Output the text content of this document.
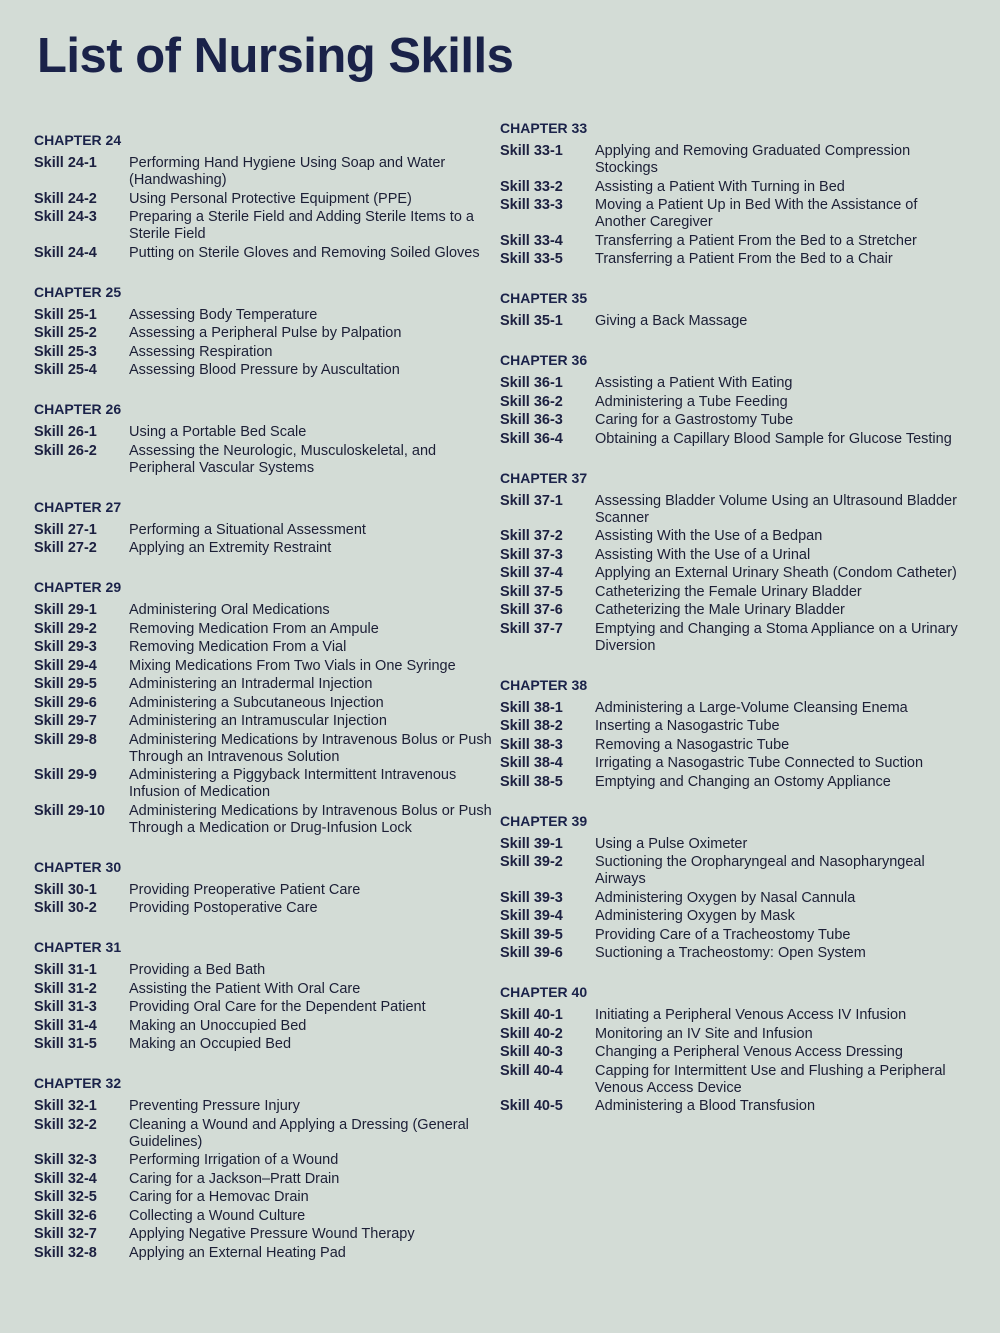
List of Nursing Skills
CHAPTER 24
Skill 24-1	Performing Hand Hygiene Using Soap and Water (Handwashing)
Skill 24-2	Using Personal Protective Equipment (PPE)
Skill 24-3	Preparing a Sterile Field and Adding Sterile Items to a Sterile Field
Skill 24-4	Putting on Sterile Gloves and Removing Soiled Gloves
CHAPTER 25
Skill 25-1	Assessing Body Temperature
Skill 25-2	Assessing a Peripheral Pulse by Palpation
Skill 25-3	Assessing Respiration
Skill 25-4	Assessing Blood Pressure by Auscultation
CHAPTER 26
Skill 26-1	Using a Portable Bed Scale
Skill 26-2	Assessing the Neurologic, Musculoskeletal, and Peripheral Vascular Systems
CHAPTER 27
Skill 27-1	Performing a Situational Assessment
Skill 27-2	Applying an Extremity Restraint
CHAPTER 29
Skill 29-1	Administering Oral Medications
Skill 29-2	Removing Medication From an Ampule
Skill 29-3	Removing Medication From a Vial
Skill 29-4	Mixing Medications From Two Vials in One Syringe
Skill 29-5	Administering an Intradermal Injection
Skill 29-6	Administering a Subcutaneous Injection
Skill 29-7	Administering an Intramuscular Injection
Skill 29-8	Administering Medications by Intravenous Bolus or Push Through an Intravenous Solution
Skill 29-9	Administering a Piggyback Intermittent Intravenous Infusion of Medication
Skill 29-10	Administering Medications by Intravenous Bolus or Push Through a Medication or Drug-Infusion Lock
CHAPTER 30
Skill 30-1	Providing Preoperative Patient Care
Skill 30-2	Providing Postoperative Care
CHAPTER 31
Skill 31-1	Providing a Bed Bath
Skill 31-2	Assisting the Patient With Oral Care
Skill 31-3	Providing Oral Care for the Dependent Patient
Skill 31-4	Making an Unoccupied Bed
Skill 31-5	Making an Occupied Bed
CHAPTER 32
Skill 32-1	Preventing Pressure Injury
Skill 32-2	Cleaning a Wound and Applying a Dressing (General Guidelines)
Skill 32-3	Performing Irrigation of a Wound
Skill 32-4	Caring for a Jackson–Pratt Drain
Skill 32-5	Caring for a Hemovac Drain
Skill 32-6	Collecting a Wound Culture
Skill 32-7	Applying Negative Pressure Wound Therapy
Skill 32-8	Applying an External Heating Pad
CHAPTER 33
Skill 33-1	Applying and Removing Graduated Compression Stockings
Skill 33-2	Assisting a Patient With Turning in Bed
Skill 33-3	Moving a Patient Up in Bed With the Assistance of Another Caregiver
Skill 33-4	Transferring a Patient From the Bed to a Stretcher
Skill 33-5	Transferring a Patient From the Bed to a Chair
CHAPTER 35
Skill 35-1	Giving a Back Massage
CHAPTER 36
Skill 36-1	Assisting a Patient With Eating
Skill 36-2	Administering a Tube Feeding
Skill 36-3	Caring for a Gastrostomy Tube
Skill 36-4	Obtaining a Capillary Blood Sample for Glucose Testing
CHAPTER 37
Skill 37-1	Assessing Bladder Volume Using an Ultrasound Bladder Scanner
Skill 37-2	Assisting With the Use of a Bedpan
Skill 37-3	Assisting With the Use of a Urinal
Skill 37-4	Applying an External Urinary Sheath (Condom Catheter)
Skill 37-5	Catheterizing the Female Urinary Bladder
Skill 37-6	Catheterizing the Male Urinary Bladder
Skill 37-7	Emptying and Changing a Stoma Appliance on a Urinary Diversion
CHAPTER 38
Skill 38-1	Administering a Large-Volume Cleansing Enema
Skill 38-2	Inserting a Nasogastric Tube
Skill 38-3	Removing a Nasogastric Tube
Skill 38-4	Irrigating a Nasogastric Tube Connected to Suction
Skill 38-5	Emptying and Changing an Ostomy Appliance
CHAPTER 39
Skill 39-1	Using a Pulse Oximeter
Skill 39-2	Suctioning the Oropharyngeal and Nasopharyngeal Airways
Skill 39-3	Administering Oxygen by Nasal Cannula
Skill 39-4	Administering Oxygen by Mask
Skill 39-5	Providing Care of a Tracheostomy Tube
Skill 39-6	Suctioning a Tracheostomy: Open System
CHAPTER 40
Skill 40-1	Initiating a Peripheral Venous Access IV Infusion
Skill 40-2	Monitoring an IV Site and Infusion
Skill 40-3	Changing a Peripheral Venous Access Dressing
Skill 40-4	Capping for Intermittent Use and Flushing a Peripheral Venous Access Device
Skill 40-5	Administering a Blood Transfusion
